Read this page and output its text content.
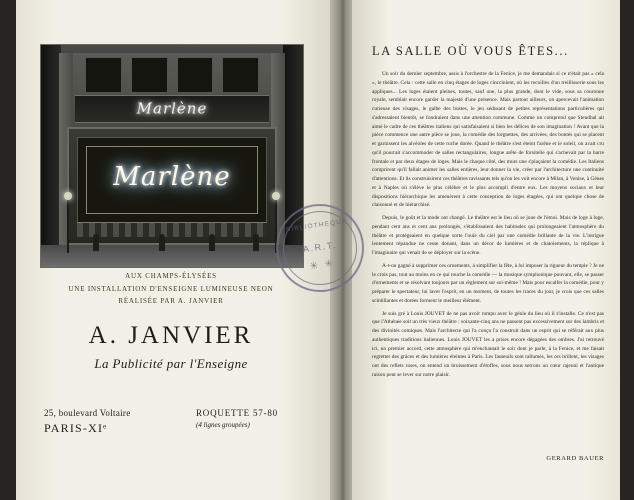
Marlène
Marlène
AUX CHAMPS-ÉLYSÉES
UNE INSTALLATION D'ENSEIGNE LUMINEUSE NEON
RÉALISÉE PAR A. JANVIER
A. JANVIER
La Publicité par l'Enseigne
25, boulevard Voltaire
PARIS-XIᵉ
ROQUETTE 57-80
(4 lignes groupées)
LA SALLE OÙ VOUS ÊTES...

Un soir du dernier septembre, assis à l'orchestre de la Fenice, je me demandais si ce n'était pas « cela », le théâtre. Cela : cette salle en cinq étages de loges cinccinient, où les recoilles d'un treillisserie sous les appliques... Les loges étaient pleines, toutes, sauf une, la plus grande, dont le vide, sous sa couronne royale, semblait encore garder la majesté d'une présence. Mais partout ailleurs, on apercevait l'animation curieuse des visages, le galbe des bustes, le jeu sédusant de petites représentations particulières qui s'adressaient bientôt, se fondraient dans une attention commune. Comme on comprend que Stendhal ait aimé le cadre de ces théâtres italiens qui satisfaisaient si bien les délices de son imagination ! Avant que la pièce commence une autre pièce se joue, la comédie des lorgnettes, des arrivées, des bontés qui se placent et garnissent les alvéoles de cette ruche dorée. Quand le théâtre s'est éteint l'arène et le soleil, on avait cru qu'il pourrait s'accommoder de salles rectangulaires, longue arête de forsitelle qui s'achevait par la barre frontale et par deux étages de loges. Mais le chaque côté, des murs une s'plaçaient la comédie. Les Italiens comprirent qu'il fallait animer les salles entières, leur donner la vie, créer par l'architecture une continuité d'attentions. Et ils construisirent ces théâtres ravissants tels qu'on les voit encore à Milan, à Venise, à Gênes et à Naples où s'élève le plus célèbre et le plus accompli d'entre eux. Les moyens sociaux et leur dispositions hiérarchique les amenèrent à cette conception de loges étagées, qui ont quelque chose de claisonné et de hiérarchisé.

Depuis, le goût et la mode ont changé. Le théâtre est le lieu où se joue de l'émoi. Mais de loge à loge, pendant cent ans et cent ans prolongés, s'établissaient des habitudes qui prolongeaient l'atmosphère du théâtre et protégeaient en quelque sorte l'ouïe du ciel par une comédie brillante de la vie. L'intrigue lentement répandue ne cesse donant, dans un décor de lumières et de chatoiements, la réplique à l'imaginaire qui venait de se déployer sur la scène.

A-t-on gagné à supprimer ces ornements, à simplifier la fête, à lui imposer la rigueur du temple ? Je ne le crois pas, tout au moins en ce qui touche la comédie — la musique symphonique pouvant, elle, se passer d'ornements et se résolvant toujours par un règlement sur soi-même ! Mais pour escalfer la comédie, pour y préparer le spectateur, lui laver l'esprit, en un moment, de toutes les traces du jour, je crois que ces salles scintillantes et dorées forment le meilleur élément.

Je suis gré à Louis JOUVET de ne pas avoir rompu avec le génie du lieu où il s'installe. Ce n'est pas que l'Athénée soit un très vieux théâtre : soixante-cinq ans ne passent pas excessivement sur des lambris et des divinités comiques. Mais l'architecte qui l'a conçu l'a construit dans un esprit qui se référait aux plus authentiques traditions italiennes. Louis JOUVET les a prises encore dégagées des ombres. J'ai retrouvé ici, un premier accord, cette atmosphère qui m'enchantait le soir dont je parle, à la Fenice, et me faisait regretter des grâces et des lumières éteintes à Paris. Les fauteuils sont rallumés, les ors brillent, les visages ont des reflets roses, on entend un bruissement d'étoffes, sous nous serrons un cœur rajeuni et l'antique raison peut se lever sur notre plaisir.

GERARD BAUER
BIBLIOTHEQUE
A.R.T.
✳ ✳
